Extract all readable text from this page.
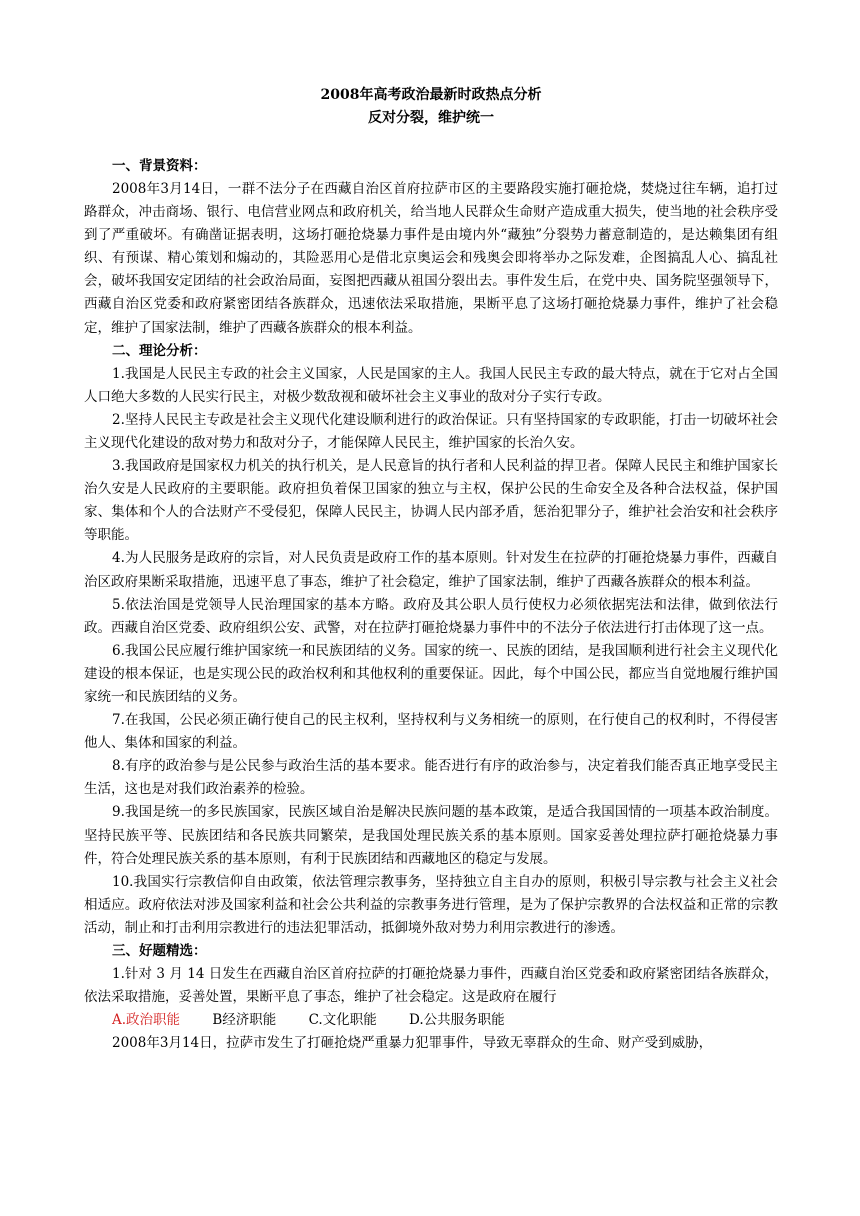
2008年高考政治最新时政热点分析

反对分裂，维护统一

一、背景资料：

2008年3月14日，一群不法分子在西藏自治区首府拉萨市区的主要路段实施打砸抢烧，焚烧过往车辆，追打过路群众，冲击商场、银行、电信营业网点和政府机关，给当地人民群众生命财产造成重大损失，使当地的社会秩序受到了严重破坏。有确凿证据表明，这场打砸抢烧暴力事件是由境内外“藏独”分裂势力蓄意制造的，是达赖集团有组织、有预谋、精心策划和煽动的，其险恶用心是借北京奥运会和残奥会即将举办之际发难，企图搞乱人心、搞乱社会，破坏我国安定团结的社会政治局面，妄图把西藏从祖国分裂出去。事件发生后，在党中央、国务院坚强领导下，西藏自治区党委和政府紧密团结各族群众，迅速依法采取措施，果断平息了这场打砸抢烧暴力事件，维护了社会稳定，维护了国家法制，维护了西藏各族群众的根本利益。

二、理论分析：

1.我国是人民民主专政的社会主义国家，人民是国家的主人。我国人民民主专政的最大特点，就在于它对占全国人口绝大多数的人民实行民主，对极少数敌视和破坏社会主义事业的敌对分子实行专政。

2.坚持人民民主专政是社会主义现代化建设顺利进行的政治保证。只有坚持国家的专政职能，打击一切破坏社会主义现代化建设的敌对势力和敌对分子，才能保障人民民主，维护国家的长治久安。

3.我国政府是国家权力机关的执行机关，是人民意旨的执行者和人民利益的捍卫者。保障人民民主和维护国家长治久安是人民政府的主要职能。政府担负着保卫国家的独立与主权，保护公民的生命安全及各种合法权益，保护国家、集体和个人的合法财产不受侵犯，保障人民民主，协调人民内部矛盾，惩治犯罪分子，维护社会治安和社会秩序等职能。

4.为人民服务是政府的宗旨，对人民负责是政府工作的基本原则。针对发生在拉萨的打砸抢烧暴力事件，西藏自治区政府果断采取措施，迅速平息了事态，维护了社会稳定，维护了国家法制，维护了西藏各族群众的根本利益。

5.依法治国是党领导人民治理国家的基本方略。政府及其公职人员行使权力必须依据宪法和法律，做到依法行政。西藏自治区党委、政府组织公安、武警，对在拉萨打砸抢烧暴力事件中的不法分子依法进行打击体现了这一点。

6.我国公民应履行维护国家统一和民族团结的义务。国家的统一、民族的团结，是我国顺利进行社会主义现代化建设的根本保证，也是实现公民的政治权利和其他权利的重要保证。因此，每个中国公民，都应当自觉地履行维护国家统一和民族团结的义务。

7.在我国，公民必须正确行使自己的民主权利，坚持权利与义务相统一的原则，在行使自己的权利时，不得侵害他人、集体和国家的利益。

8.有序的政治参与是公民参与政治生活的基本要求。能否进行有序的政治参与，决定着我们能否真正地享受民主生活，这也是对我们政治素养的检验。

9.我国是统一的多民族国家，民族区域自治是解决民族问题的基本政策，是适合我国国情的一项基本政治制度。坚持民族平等、民族团结和各民族共同繁荣，是我国处理民族关系的基本原则。国家妥善处理拉萨打砸抢烧暴力事件，符合处理民族关系的基本原则，有利于民族团结和西藏地区的稳定与发展。

10.我国实行宗教信仰自由政策，依法管理宗教事务，坚持独立自主自办的原则，积极引导宗教与社会主义社会相适应。政府依法对涉及国家利益和社会公共利益的宗教事务进行管理，是为了保护宗教界的合法权益和正常的宗教活动，制止和打击利用宗教进行的违法犯罪活动，抵御境外敌对势力利用宗教进行的渗透。

三、好题精选：

1.针对 3 月 14 日发生在西藏自治区首府拉萨的打砸抢烧暴力事件，西藏自治区党委和政府紧密团结各族群众，依法采取措施，妥善处置，果断平息了事态，维护了社会稳定。这是政府在履行

A.政治职能 B经济职能 C.文化职能 D.公共服务职能

2008年3月14日，拉萨市发生了打砸抢烧严重暴力犯罪事件，导致无辜群众的生命、财产受到威胁，
